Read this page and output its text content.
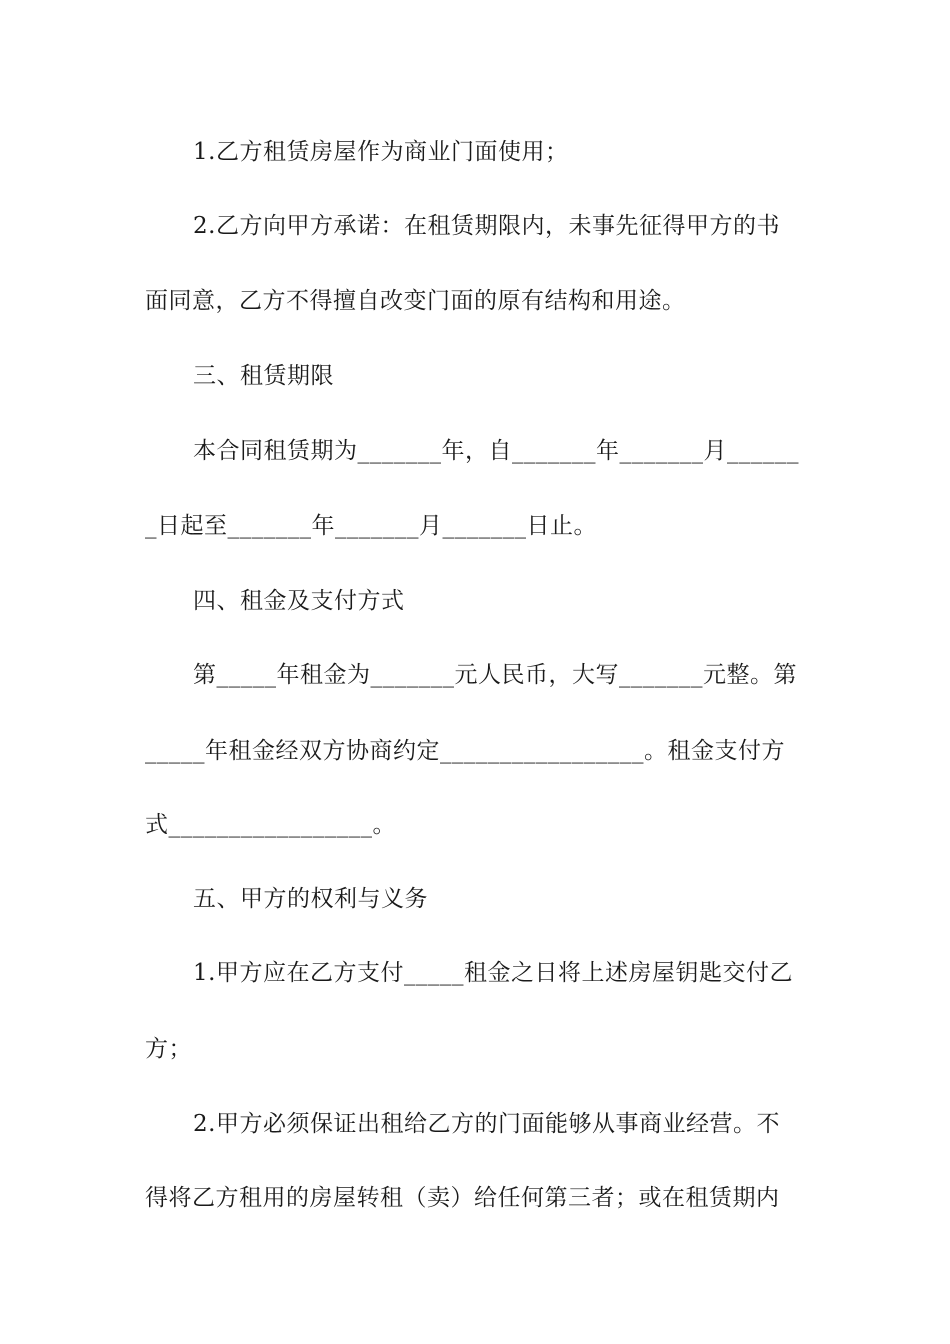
1.乙方租赁房屋作为商业门面使用；
2.乙方向甲方承诺：在租赁期限内，未事先征得甲方的书
面同意，乙方不得擅自改变门面的原有结构和用途。
三、租赁期限
本合同租赁期为_______年，自_______年_______月______
_日起至_______年_______月_______日止。
四、租金及支付方式
第_____年租金为_______元人民币，大写_______元整。第
_____年租金经双方协商约定_________________。租金支付方
式_________________。
五、甲方的权利与义务
1.甲方应在乙方支付_____租金之日将上述房屋钥匙交付乙
方；
2.甲方必须保证出租给乙方的门面能够从事商业经营。不
得将乙方租用的房屋转租（卖）给任何第三者；或在租赁期内
